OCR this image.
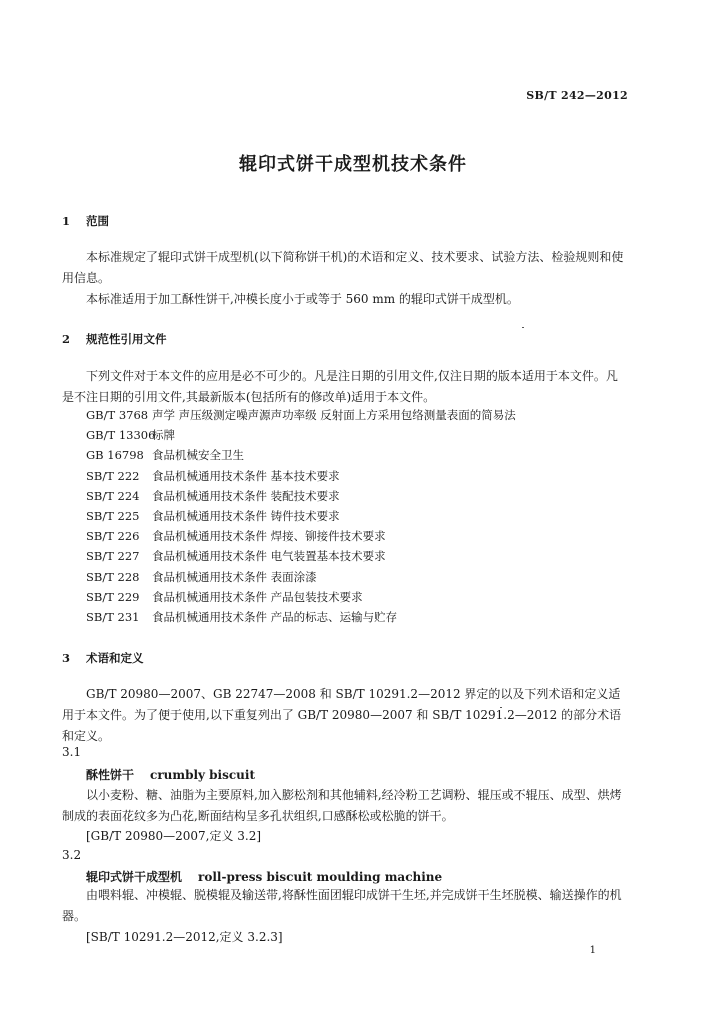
SB/T 242—2012
辊印式饼干成型机技术条件
1 范围

本标准规定了辊印式饼干成型机(以下简称饼干机)的术语和定义、技术要求、试验方法、检验规则和使用信息。

本标准适用于加工酥性饼干,冲模长度小于或等于 560 mm 的辊印式饼干成型机。

2 规范性引用文件

下列文件对于本文件的应用是必不可少的。凡是注日期的引用文件,仅注日期的版本适用于本文件。凡是不注日期的引用文件,其最新版本(包括所有的修改单)适用于本文件。

GB/T 3768 声学 声压级测定噪声源声功率级 反射面上方采用包络测量表面的简易法
GB/T 13306标牌
GB 16798 食品机械安全卫生
SB/T 222 食品机械通用技术条件 基本技术要求
SB/T 224 食品机械通用技术条件 装配技术要求
SB/T 225 食品机械通用技术条件 铸件技术要求
SB/T 226 食品机械通用技术条件 焊接、铆接件技术要求
SB/T 227 食品机械通用技术条件 电气装置基本技术要求
SB/T 228 食品机械通用技术条件 表面涂漆
SB/T 229 食品机械通用技术条件 产品包装技术要求
SB/T 231 食品机械通用技术条件 产品的标志、运输与贮存
3 术语和定义

GB/T 20980—2007、GB 22747—2008 和 SB/T 10291.2—2012 界定的以及下列术语和定义适用于本文件。为了便于使用,以下重复列出了 GB/T 20980—2007 和 SB/T 10291.2—2012 的部分术语和定义。

3.1
酥性饼干 crumbly biscuit

以小麦粉、糖、油脂为主要原料,加入膨松剂和其他辅料,经冷粉工艺调粉、辊压或不辊压、成型、烘烤制成的表面花纹多为凸花,断面结构呈多孔状组织,口感酥松或松脆的饼干。

[GB/T 20980—2007,定义 3.2]
3.2
辊印式饼干成型机 roll-press biscuit moulding machine

由喂料辊、冲模辊、脱模辊及输送带,将酥性面团辊印成饼干生坯,并完成饼干生坯脱模、输送操作的机器。

[SB/T 10291.2—2012,定义 3.2.3]
1
